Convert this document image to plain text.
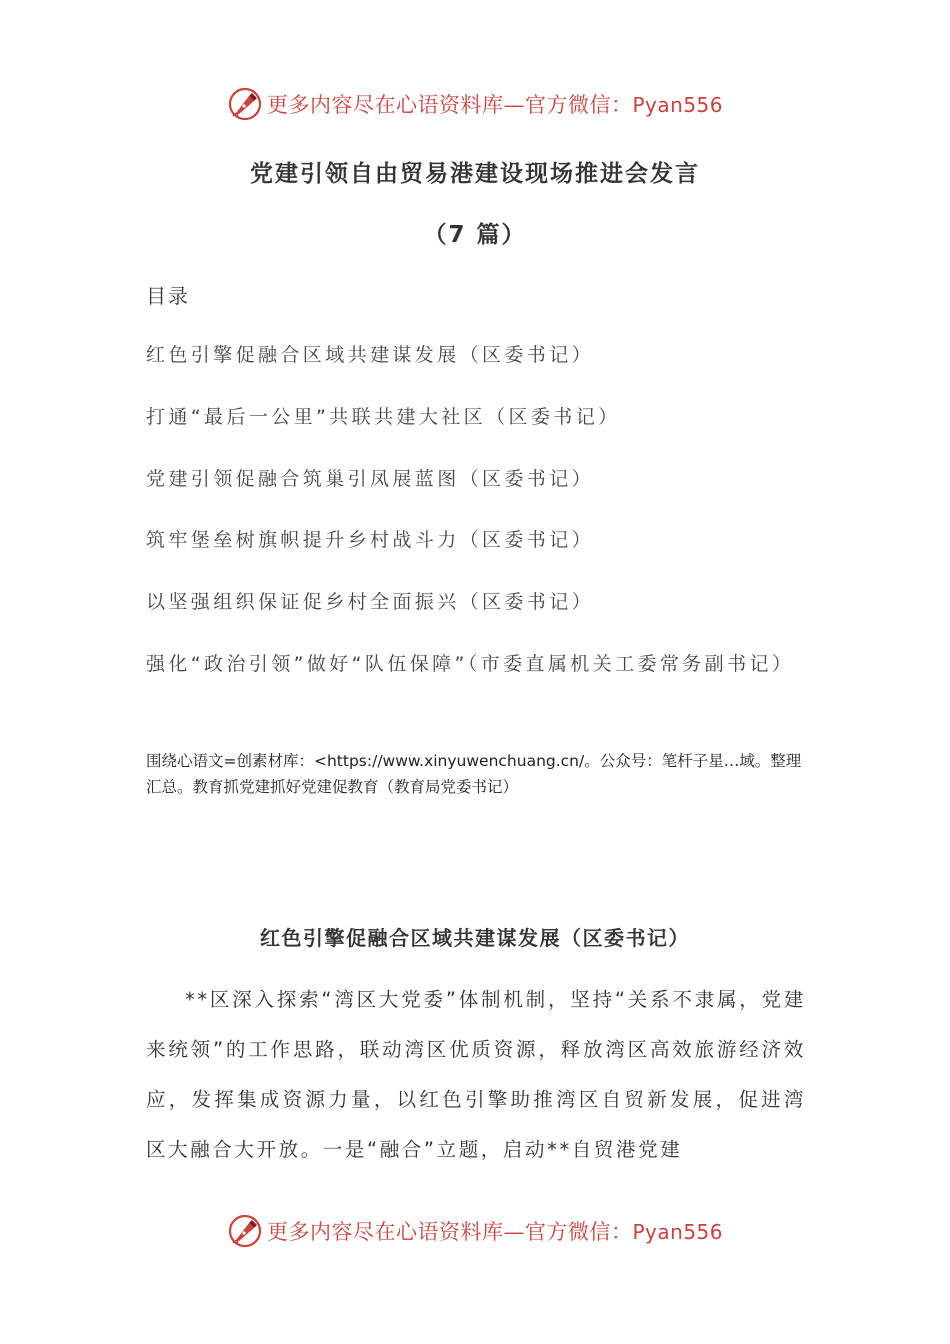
更多内容尽在心语资料库—官方微信：Pyan556
党建引领自由贸易港建设现场推进会发言
（7 篇）
目录
红色引擎促融合区域共建谋发展（区委书记）
打通“最后一公里”共联共建大社区（区委书记）
党建引领促融合筑巢引凤展蓝图（区委书记）
筑牢堡垒树旗帜提升乡村战斗力（区委书记）
以坚强组织保证促乡村全面振兴（区委书记）
强化“政治引领”做好“队伍保障”（市委直属机关工委常务副书记）
围绕心语文=创素材库：<https://www.xinyuwenchuang.cn/。公众号：笔杆子星…域。整理汇总。教育抓党建抓好党建促教育（教育局党委书记）
红色引擎促融合区域共建谋发展（区委书记）
**区深入探索“湾区大党委”体制机制，坚持“关系不隶属，党建来统领”的工作思路，联动湾区优质资源，释放湾区高效旅游经济效应，发挥集成资源力量，以红色引擎助推湾区自贸新发展，促进湾区大融合大开放。一是“融合”立题，启动**自贸港党建
更多内容尽在心语资料库—官方微信：Pyan556
